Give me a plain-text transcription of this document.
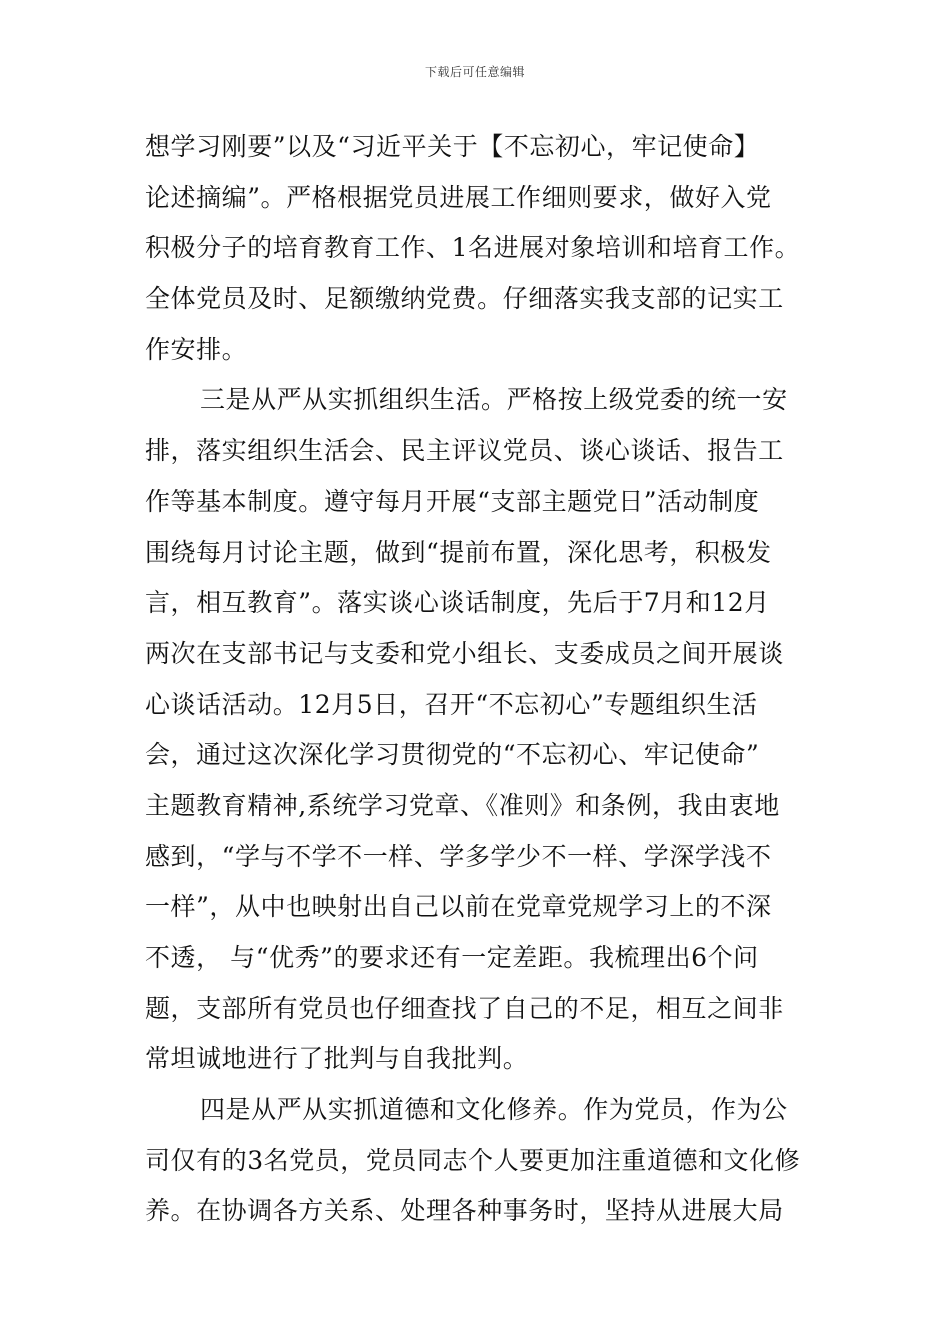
下载后可任意编辑
想学习刚要”以及“习近平关于【不忘初心，牢记使命】
论述摘编”。严格根据党员进展工作细则要求，做好入党
积极分子的培育教育工作、1名进展对象培训和培育工作。
全体党员及时、足额缴纳党费。仔细落实我支部的记实工
作安排。
三是从严从实抓组织生活。严格按上级党委的统一安
排，落实组织生活会、民主评议党员、谈心谈话、报告工
作等基本制度。遵守每月开展“支部主题党日”活动制度
围绕每月讨论主题，做到“提前布置，深化思考，积极发
言，相互教育”。落实谈心谈话制度，先后于7月和12月
两次在支部书记与支委和党小组长、支委成员之间开展谈
心谈话活动。12月5日，召开“不忘初心”专题组织生活
会，通过这次深化学习贯彻党的“不忘初心、牢记使命”
主题教育精神,系统学习党章、《准则》和条例，我由衷地
感到，“学与不学不一样、学多学少不一样、学深学浅不
一样”，从中也映射出自己以前在党章党规学习上的不深
不透， 与“优秀”的要求还有一定差距。我梳理出6个问
题，支部所有党员也仔细查找了自己的不足，相互之间非
常坦诚地进行了批判与自我批判。
四是从严从实抓道德和文化修养。作为党员，作为公
司仅有的3名党员，党员同志个人要更加注重道德和文化修
养。在协调各方关系、处理各种事务时，坚持从进展大局
